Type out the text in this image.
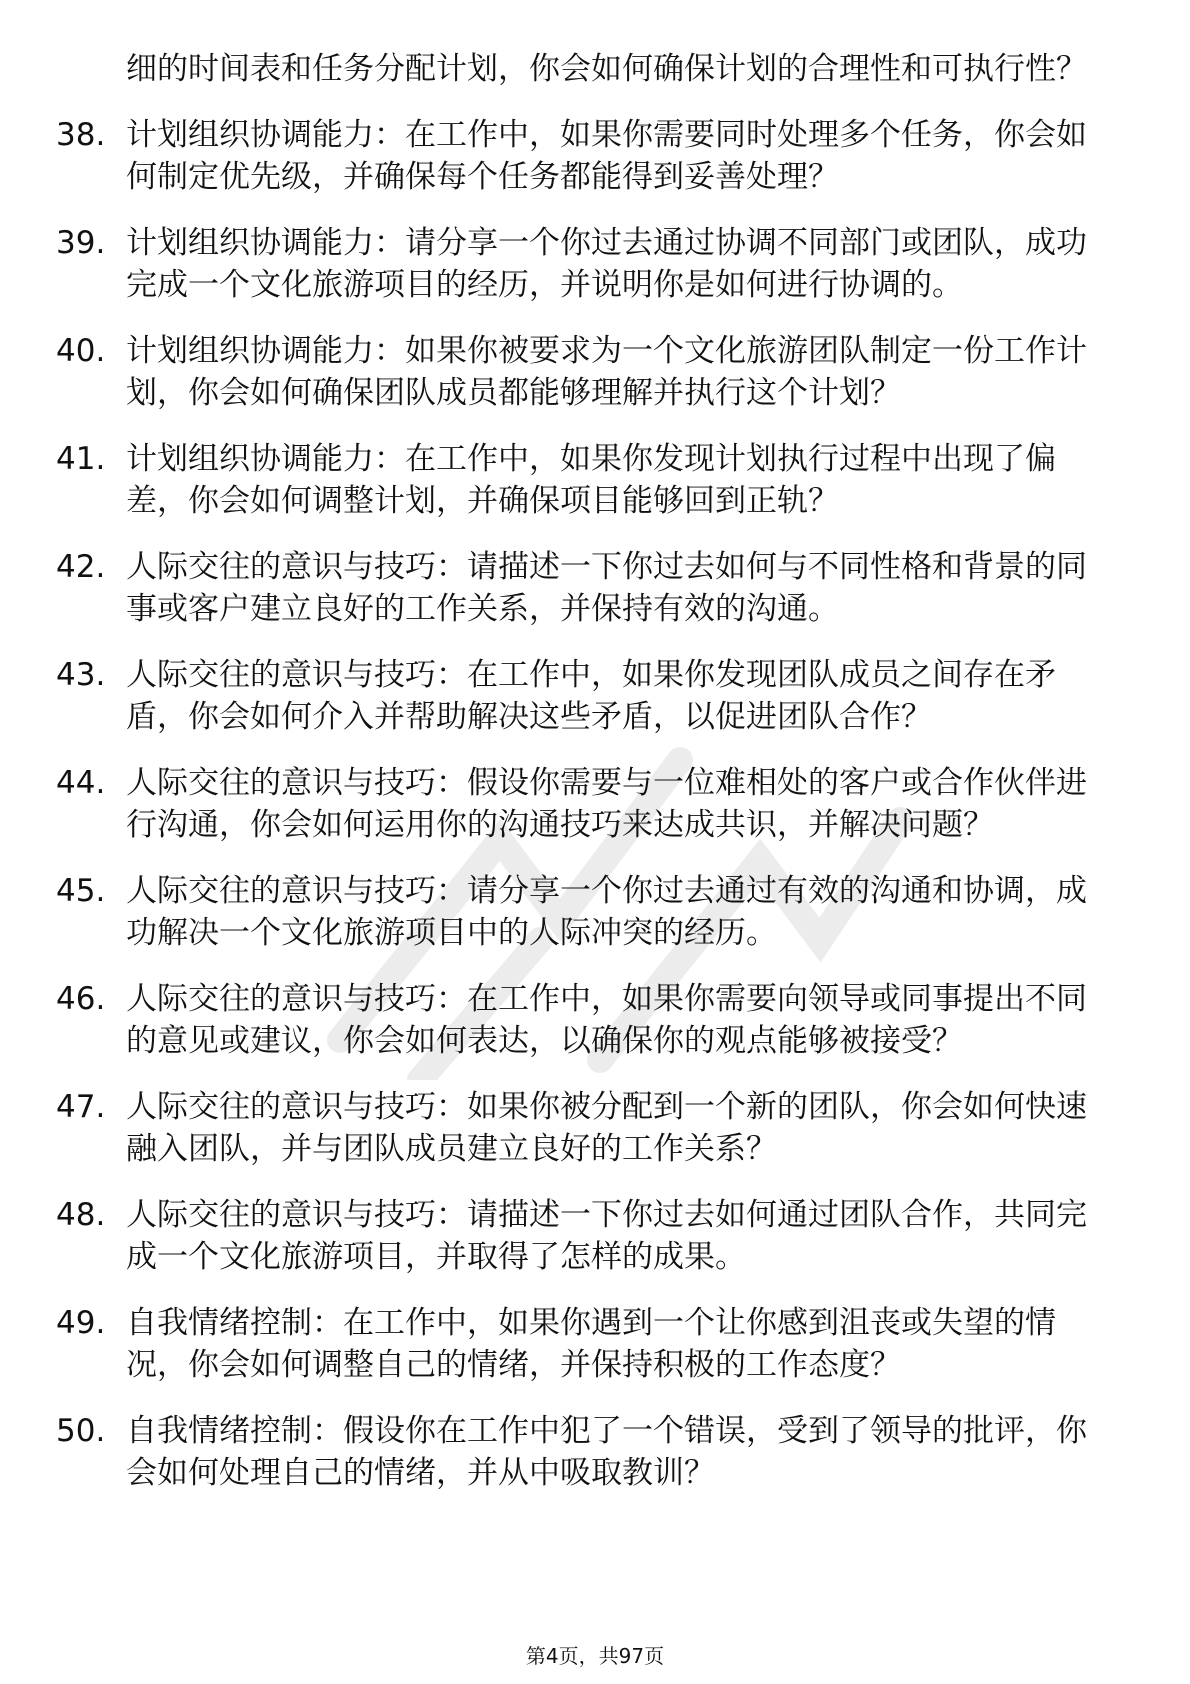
细的时间表和任务分配计划，你会如何确保计划的合理性和可执行性？
38. 计划组织协调能力：在工作中，如果你需要同时处理多个任务，你会如何制定优先级，并确保每个任务都能得到妥善处理？
39. 计划组织协调能力：请分享一个你过去通过协调不同部门或团队，成功完成一个文化旅游项目的经历，并说明你是如何进行协调的。
40. 计划组织协调能力：如果你被要求为一个文化旅游团队制定一份工作计划，你会如何确保团队成员都能够理解并执行这个计划？
41. 计划组织协调能力：在工作中，如果你发现计划执行过程中出现了偏差，你会如何调整计划，并确保项目能够回到正轨？
42. 人际交往的意识与技巧：请描述一下你过去如何与不同性格和背景的同事或客户建立良好的工作关系，并保持有效的沟通。
43. 人际交往的意识与技巧：在工作中，如果你发现团队成员之间存在矛盾，你会如何介入并帮助解决这些矛盾，以促进团队合作？
44. 人际交往的意识与技巧：假设你需要与一位难相处的客户或合作伙伴进行沟通，你会如何运用你的沟通技巧来达成共识，并解决问题？
45. 人际交往的意识与技巧：请分享一个你过去通过有效的沟通和协调，成功解决一个文化旅游项目中的人际冲突的经历。
46. 人际交往的意识与技巧：在工作中，如果你需要向领导或同事提出不同的意见或建议，你会如何表达，以确保你的观点能够被接受？
47. 人际交往的意识与技巧：如果你被分配到一个新的团队，你会如何快速融入团队，并与团队成员建立良好的工作关系？
48. 人际交往的意识与技巧：请描述一下你过去如何通过团队合作，共同完成一个文化旅游项目，并取得了怎样的成果。
49. 自我情绪控制：在工作中，如果你遇到一个让你感到沮丧或失望的情况，你会如何调整自己的情绪，并保持积极的工作态度？
50. 自我情绪控制：假设你在工作中犯了一个错误，受到了领导的批评，你会如何处理自己的情绪，并从中吸取教训？
第4页，共97页
